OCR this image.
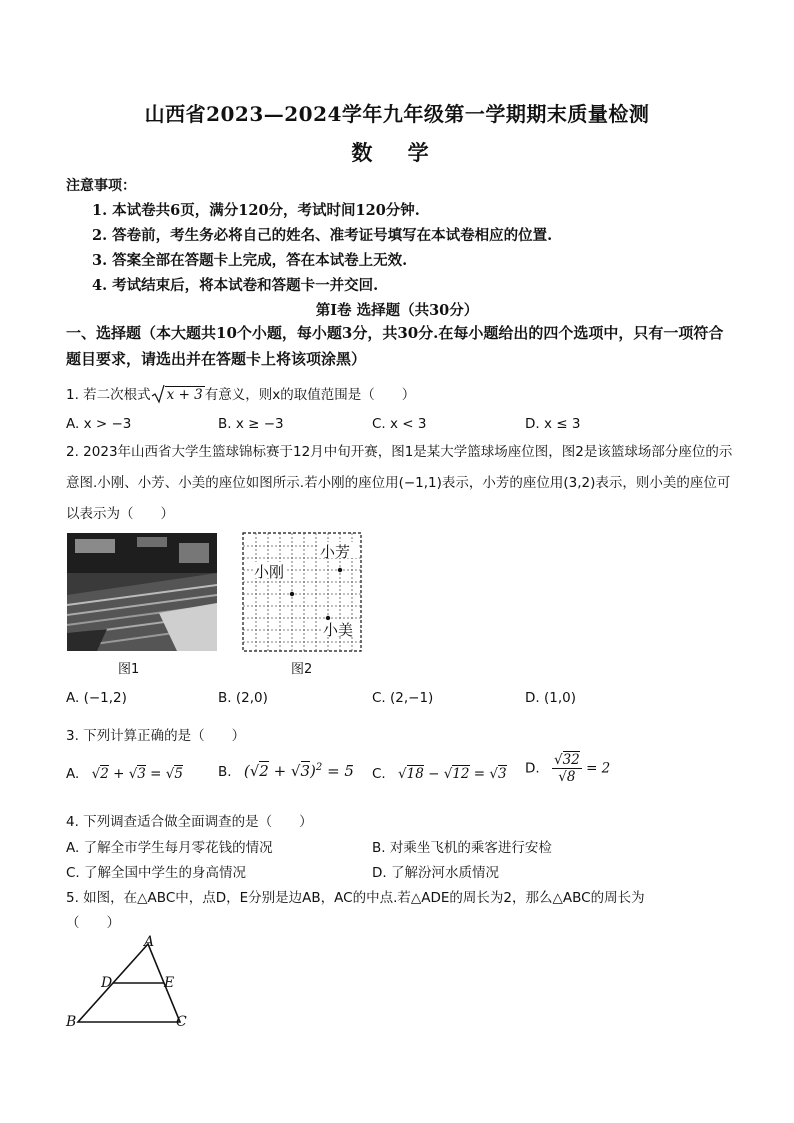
山西省2023—2024学年九年级第一学期期末质量检测
数 学
注意事项：
1. 本试卷共6页，满分120分，考试时间120分钟.
2. 答卷前，考生务必将自己的姓名、准考证号填写在本试卷相应的位置.
3. 答案全部在答题卡上完成，答在本试卷上无效.
4. 考试结束后，将本试卷和答题卡一并交回.
第Ⅰ卷 选择题（共30分）
一、选择题（本大题共10个小题，每小题3分，共30分.在每小题给出的四个选项中，只有一项符合题目要求，请选出并在答题卡上将该项涂黑）
1. 若二次根式 x + 3 有意义，则x的取值范围是（　　）
A. x > −3	B. x ≥ −3	C. x < 3	D. x ≤ 3
2. 2023年山西省大学生篮球锦标赛于12月中旬开赛，图1是某大学篮球场座位图，图2是该篮球场部分座位的示意图.小刚、小芳、小美的座位如图所示.若小刚的座位用(−1,1)表示，小芳的座位用(3,2)表示，则小美的座位可以表示为（　　）
图1
小刚
小芳
小美
图2
A. (−1,2)	B. (2,0)	C. (2,−1)	D. (1,0)
3. 下列计算正确的是（　　）
A. √2 + √3 = √5	B. $(√2 + √3)^2 = 5$ C. √18 − √12 = √3 D. $\frac{√32}{√8} = 2$
4. 下列调查适合做全面调查的是（　　）
A. 了解全市学生每月零花钱的情况	B. 对乘坐飞机的乘客进行安检
C. 了解全国中学生的身高情况	D. 了解汾河水质情况
5. 如图，在△ABC中，点D，E分别是边AB，AC的中点.若△ADE的周长为2，那么△ABC的周长为
（　　）
A
B	C
D	E
